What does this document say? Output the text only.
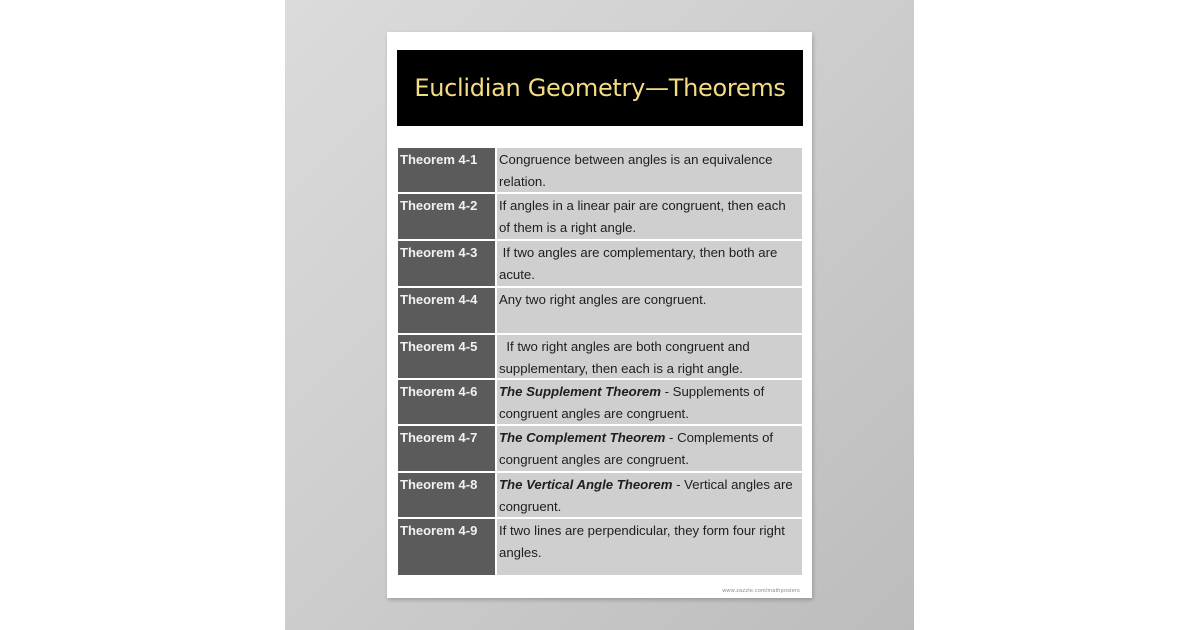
Euclidian Geometry—Theorems
Theorem 4-1	Congruence between angles is an equivalence relation.
Theorem 4-2	If angles in a linear pair are congruent, then each of them is a right angle.
Theorem 4-3	If two angles are complementary, then both are acute.
Theorem 4-4	Any two right angles are congruent.
Theorem 4-5	If two right angles are both congruent and supplementary, then each is a right angle.
Theorem 4-6	The Supplement Theorem - Supplements of congruent angles are congruent.
Theorem 4-7	The Complement Theorem - Complements of congruent angles are congruent.
Theorem 4-8	The Vertical Angle Theorem - Vertical angles are congruent.
Theorem 4-9	If two lines are perpendicular, they form four right angles.
www.zazzle.com/mathposters
